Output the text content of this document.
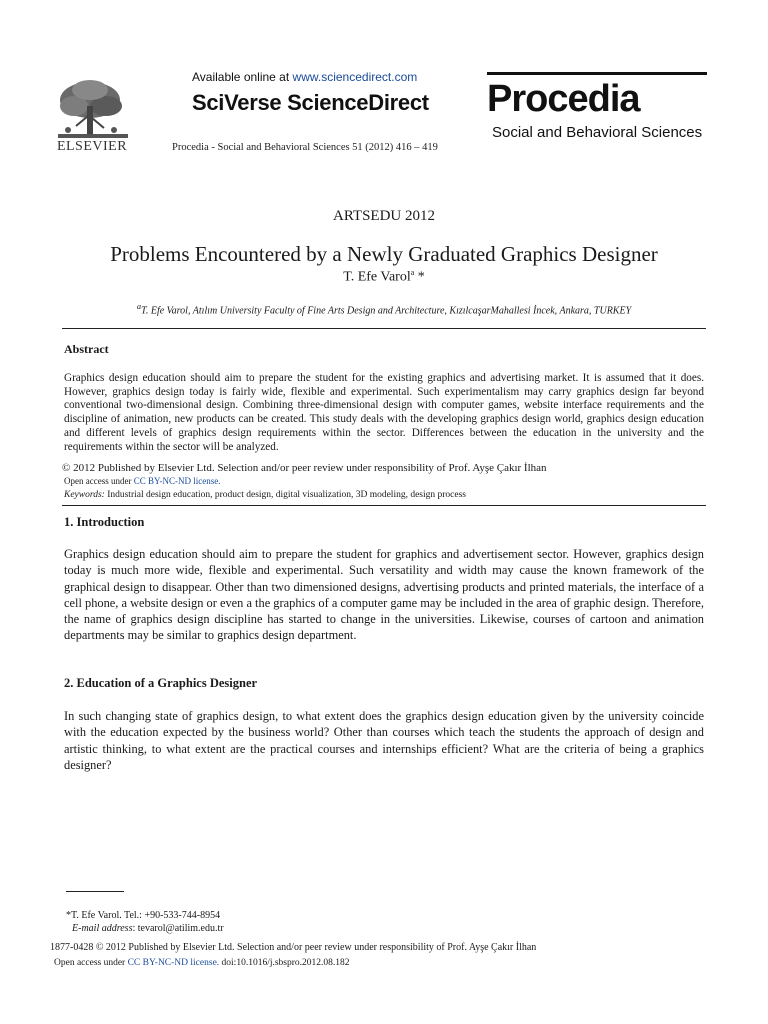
ELSEVIER
Available online at www.sciencedirect.com
SciVerse ScienceDirect
Procedia - Social and Behavioral Sciences 51 (2012) 416 – 419
Procedia
Social and Behavioral Sciences
ARTSEDU 2012
Problems Encountered by a Newly Graduated Graphics Designer
T. Efe Varol$^a$ *
$^a$T. Efe Varol, Atılım University Faculty of Fine Arts Design and Architecture, KızılcaşarMahallesi İncek, Ankara, TURKEY
Abstract
Graphics design education should aim to prepare the student for the existing graphics and advertising market. It is assumed that it does. However, graphics design today is fairly wide, flexible and experimental. Such experimentalism may carry graphics design far beyond conventional two-dimensional design. Combining three-dimensional design with computer games, website interface requirements and the discipline of animation, new products can be created. This study deals with the developing graphics design world, graphics design education and different levels of graphics design requirements within the sector. Differences between the education in the university and the requirements within the sector will be analyzed.
© 2012 Published by Elsevier Ltd. Selection and/or peer review under responsibility of Prof. Ayşe Çakır İlhan
Open access under CC BY-NC-ND license.
Keywords: Industrial design education, product design, digital visualization, 3D modeling, design process
1. Introduction
Graphics design education should aim to prepare the student for graphics and advertisement sector. However, graphics design today is much more wide, flexible and experimental. Such versatility and width may cause the known framework of the graphical design to disappear. Other than two dimensioned designs, advertising products and printed materials, the interface of a cell phone, a website design or even a the graphics of a computer game may be included in the area of graphic design. Therefore, the name of graphics design discipline has started to change in the universities. Likewise, courses of cartoon and animation departments may be similar to graphics design department.
2. Education of a Graphics Designer
In such changing state of graphics design, to what extent does the graphics design education given by the university coincide with the education expected by the business world? Other than courses which teach the students the approach of design and artistic thinking, to what extent are the practical courses and internships efficient? What are the criteria of being a graphics designer?
*T. Efe Varol. Tel.: +90-533-744-8954
E-mail address: tevarol@atilim.edu.tr
1877-0428 © 2012 Published by Elsevier Ltd. Selection and/or peer review under responsibility of Prof. Ayşe Çakır İlhan
Open access under CC BY-NC-ND license. doi:10.1016/j.sbspro.2012.08.182
